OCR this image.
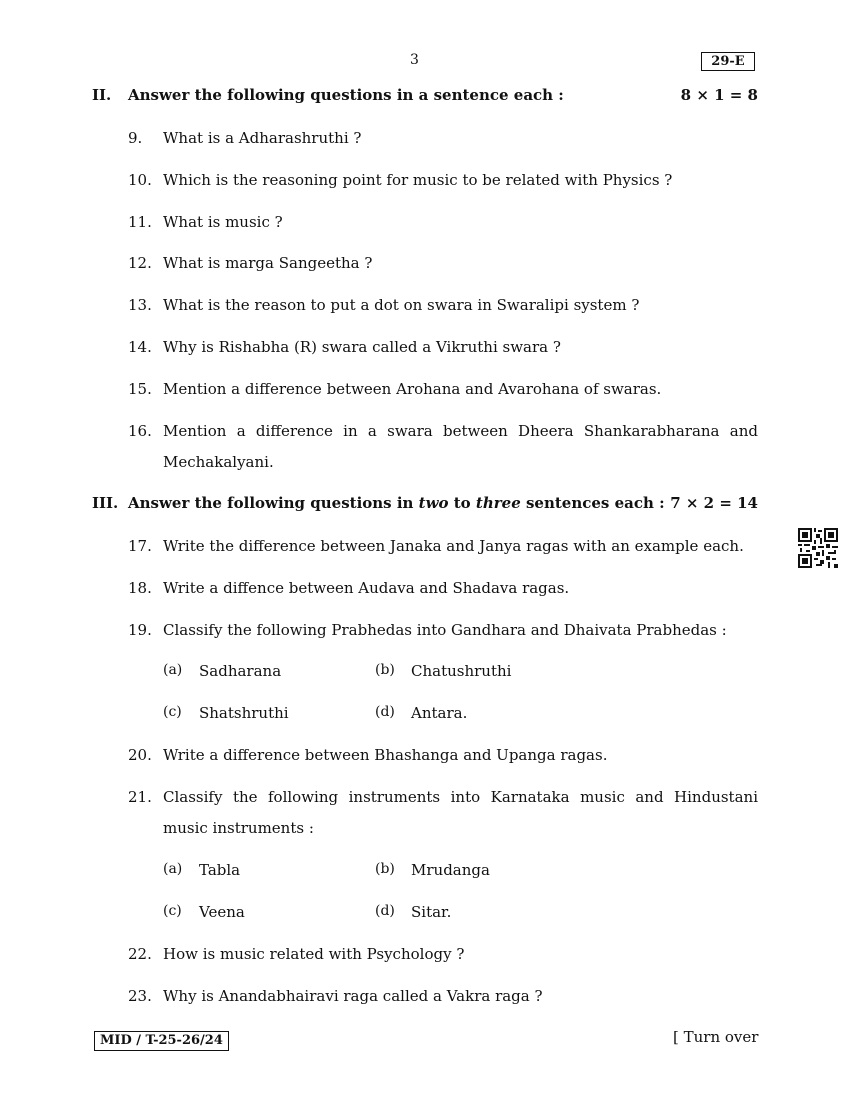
3	29-E
II.	Answer the following questions in a sentence each :	8 × 1 = 8
9.	What is a Adharashruthi ?
10. Which is the reasoning point for music to be related with Physics ?
11. What is music ?
12. What is marga Sangeetha ?
13. What is the reason to put a dot on swara in Swaralipi system ?
14. Why is Rishabha (R) swara called a Vikruthi swara ?
15. Mention a difference between Arohana and Avarohana of swaras.
16. Mention a difference in a swara between Dheera Shankarabharana and Mechakalyani.
III. Answer the following questions in two to three sentences each : 7 × 2 = 14
17. Write the difference between Janaka and Janya ragas with an example each.
18. Write a diffence between Audava and Shadava ragas.
19. Classify the following Prabhedas into Gandhara and Dhaivata Prabhedas :
(a)	Sadharana	(b)	Chatushruthi
(c)	Shatshruthi	(d)	Antara.
20. Write a difference between Bhashanga and Upanga ragas.
21. Classify the following instruments into Karnataka music and Hindustani music instruments :
(a)	Tabla	(b)	Mrudanga
(c)	Veena	(d)	Sitar.
22. How is music related with Psychology ?
23. Why is Anandabhairavi raga called a Vakra raga ?
MID / T-25-26/24	[ Turn over
